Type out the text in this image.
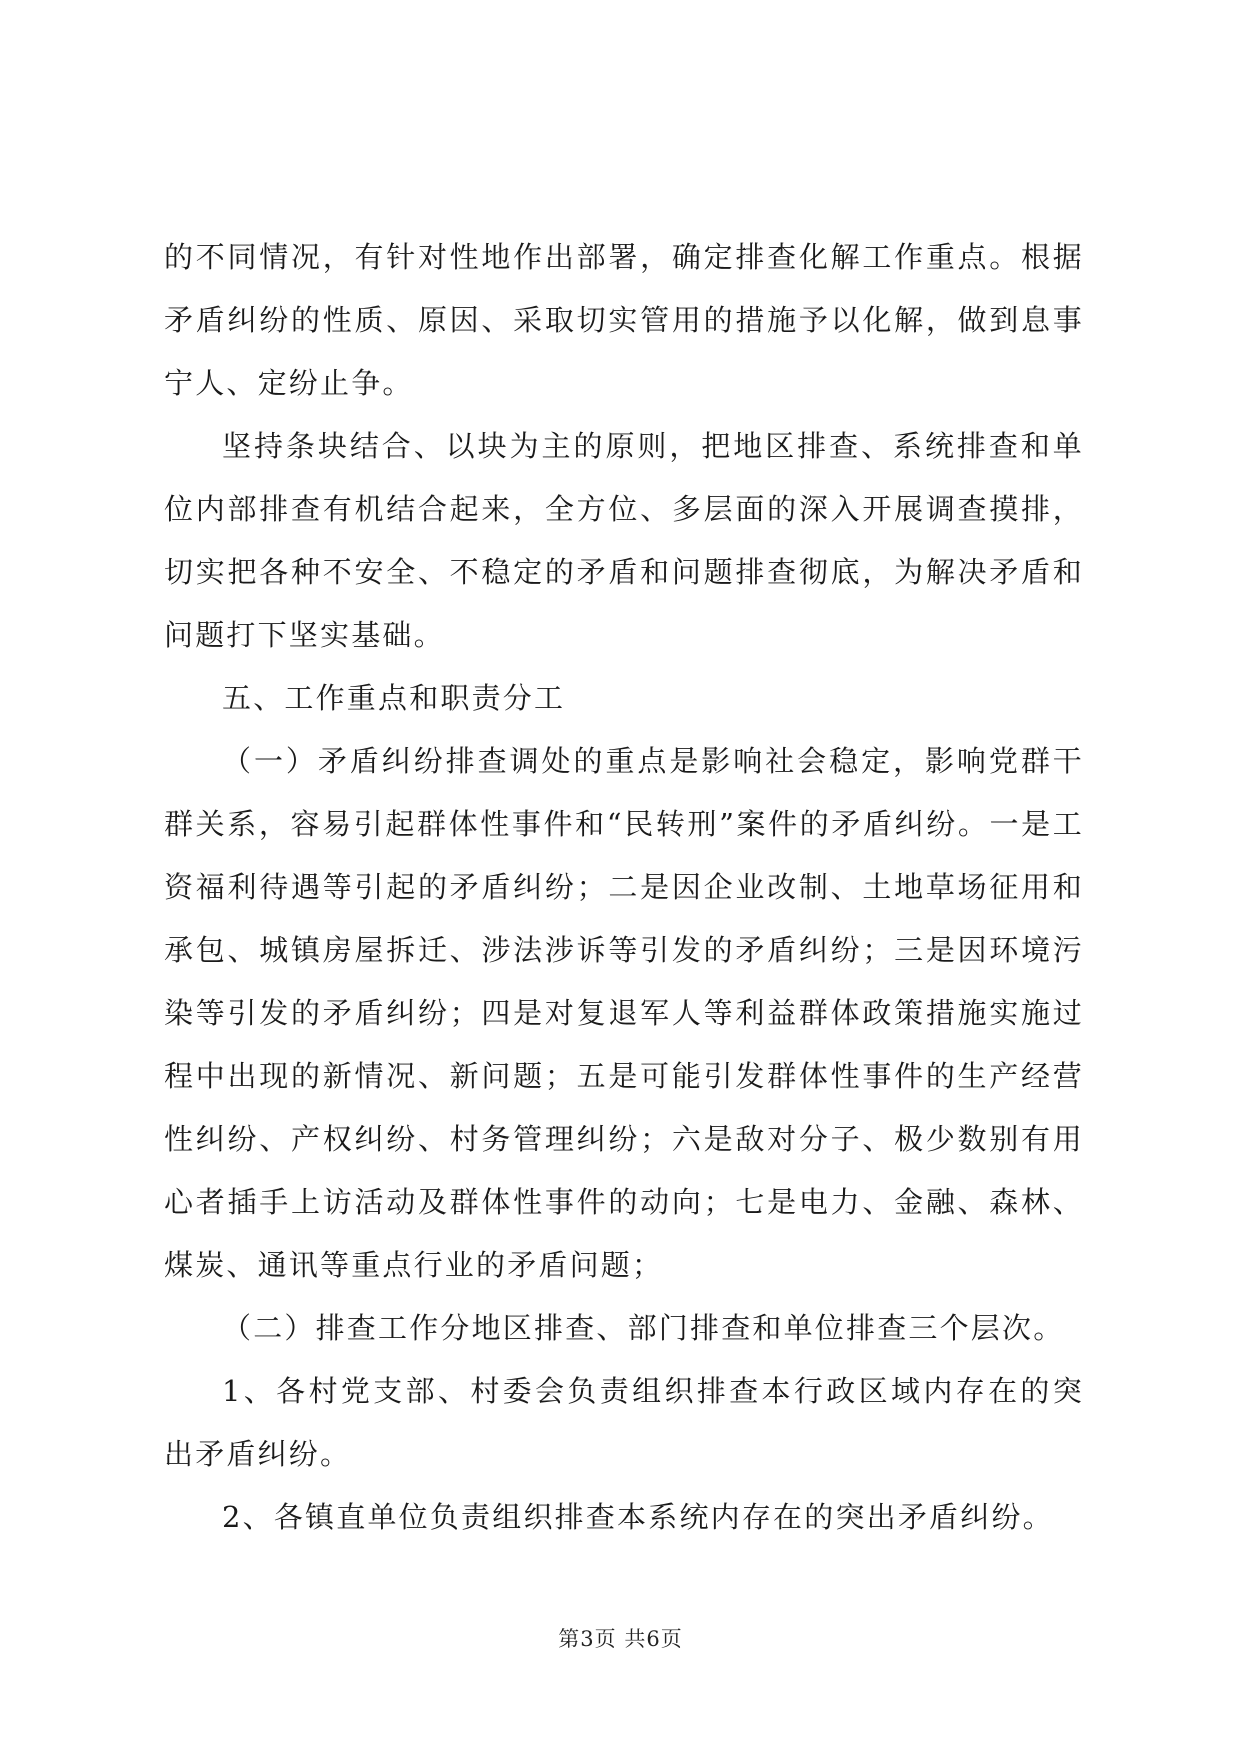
的不同情况，有针对性地作出部署，确定排查化解工作重点。根据矛盾纠纷的性质、原因、采取切实管用的措施予以化解，做到息事宁人、定纷止争。

坚持条块结合、以块为主的原则，把地区排查、系统排查和单位内部排查有机结合起来，全方位、多层面的深入开展调查摸排，切实把各种不安全、不稳定的矛盾和问题排查彻底，为解决矛盾和问题打下坚实基础。

五、工作重点和职责分工

（一）矛盾纠纷排查调处的重点是影响社会稳定，影响党群干群关系，容易引起群体性事件和“民转刑”案件的矛盾纠纷。一是工资福利待遇等引起的矛盾纠纷；二是因企业改制、土地草场征用和承包、城镇房屋拆迁、涉法涉诉等引发的矛盾纠纷；三是因环境污染等引发的矛盾纠纷；四是对复退军人等利益群体政策措施实施过程中出现的新情况、新问题；五是可能引发群体性事件的生产经营性纠纷、产权纠纷、村务管理纠纷；六是敌对分子、极少数别有用心者插手上访活动及群体性事件的动向；七是电力、金融、森林、煤炭、通讯等重点行业的矛盾问题；

（二）排查工作分地区排查、部门排查和单位排查三个层次。

1、各村党支部、村委会负责组织排查本行政区域内存在的突出矛盾纠纷。

2、各镇直单位负责组织排查本系统内存在的突出矛盾纠纷。

第3页 共6页
